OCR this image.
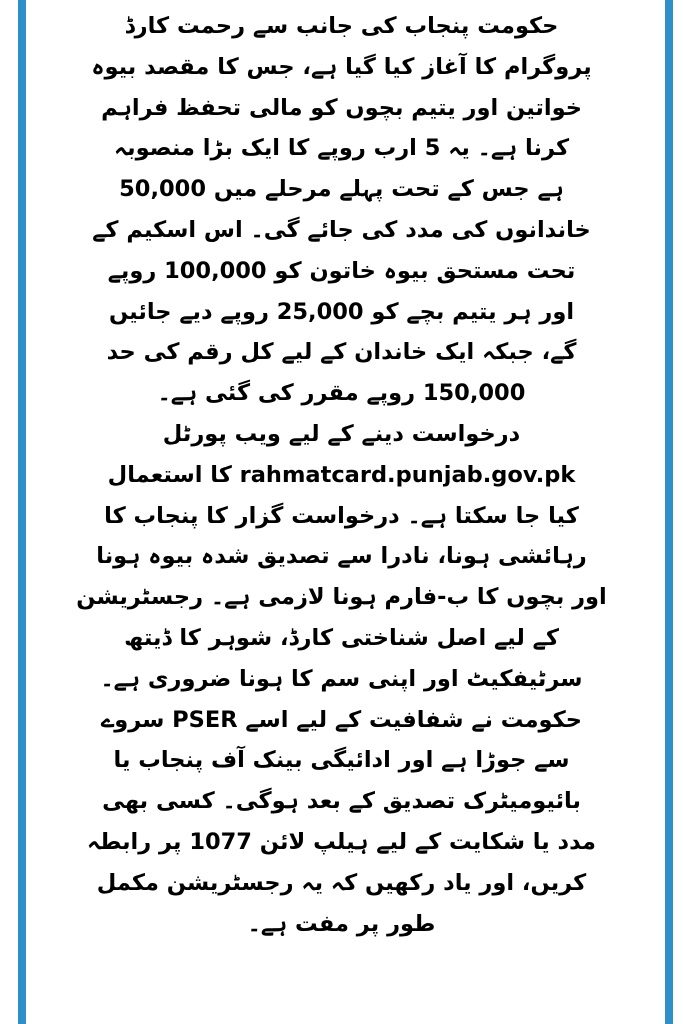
حکومت پنجاب کی جانب سے رحمت کارڈ
پروگرام کا آغاز کیا گیا ہے، جس کا مقصد بیوہ
خواتین اور یتیم بچوں کو مالی تحفظ فراہم
کرنا ہے۔ یہ 5 ارب روپے کا ایک بڑا منصوبہ
ہے جس کے تحت پہلے مرحلے میں 50,000
خاندانوں کی مدد کی جائے گی۔ اس اسکیم کے
تحت مستحق بیوہ خاتون کو 100,000 روپے
اور ہر یتیم بچے کو 25,000 روپے دیے جائیں
گے، جبکہ ایک خاندان کے لیے کل رقم کی حد
150,000 روپے مقرر کی گئی ہے۔
درخواست دینے کے لیے ویب پورٹل
rahmatcard.punjab.gov.pk کا استعمال
کیا جا سکتا ہے۔ درخواست گزار کا پنجاب کا
رہائشی ہونا، نادرا سے تصدیق شدہ بیوہ ہونا
اور بچوں کا ب-فارم ہونا لازمی ہے۔ رجسٹریشن
کے لیے اصل شناختی کارڈ، شوہر کا ڈیتھ
سرٹیفکیٹ اور اپنی سم کا ہونا ضروری ہے۔
حکومت نے شفافیت کے لیے اسے PSER سروے
سے جوڑا ہے اور ادائیگی بینک آف پنجاب یا
بائیومیٹرک تصدیق کے بعد ہوگی۔ کسی بھی
مدد یا شکایت کے لیے ہیلپ لائن 1077 پر رابطہ
کریں، اور یاد رکھیں کہ یہ رجسٹریشن مکمل
طور پر مفت ہے۔
